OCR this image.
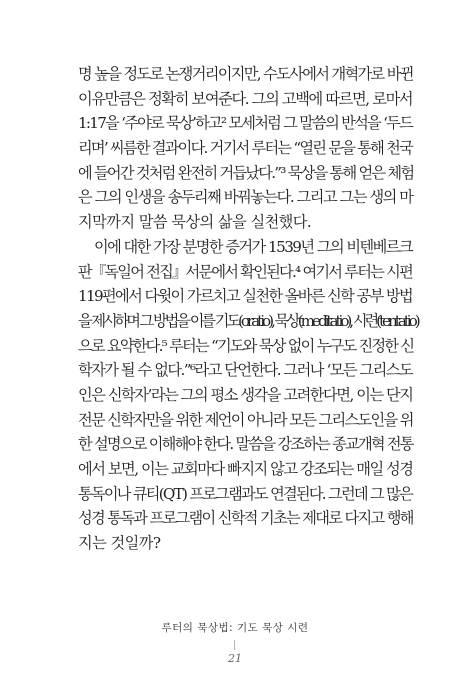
명 높을 정도로 논쟁거리이지만, 수도사에서 개혁가로 바뀐
이유만큼은 정확히 보여준다. 그의 고백에 따르면, 로마서
1:17을 ‘주야로 묵상’하고² 모세처럼 그 말씀의 반석을 ‘두드
리며’ 씨름한 결과이다. 거기서 루터는 “열린 문을 통해 천국
에 들어간 것처럼 완전히 거듭났다.”³ 묵상을 통해 얻은 체험
은 그의 인생을 송두리째 바꿔놓는다. 그리고 그는 생의 마
지막까지 말씀 묵상의 삶을 실천했다.
이에 대한 가장 분명한 증거가 1539년 그의 비텐베르크
판『독일어 전집』서문에서 확인된다.⁴ 여기서 루터는 시편
119편에서 다윗이 가르치고 실천한 올바른 신학 공부 방법
을 제시하며 그 방법을 이를 기도(oratio), 묵상(meditatio), 시련(tentatio)
으로 요약한다.⁵ 루터는 “기도와 묵상 없이 누구도 진정한 신
학자가 될 수 없다.”⁶라고 단언한다. 그러나 ‘모든 그리스도
인은 신학자’라는 그의 평소 생각을 고려한다면, 이는 단지
전문 신학자만을 위한 제언이 아니라 모든 그리스도인을 위
한 설명으로 이해해야 한다. 말씀을 강조하는 종교개혁 전통
에서 보면, 이는 교회마다 빠지지 않고 강조되는 매일 성경
통독이나 큐티(QT) 프로그램과도 연결된다. 그런데 그 많은
성경 통독과 프로그램이 신학적 기초는 제대로 다지고 행해
지는 것일까?
루터의 묵상법: 기도 묵상 시련
21
